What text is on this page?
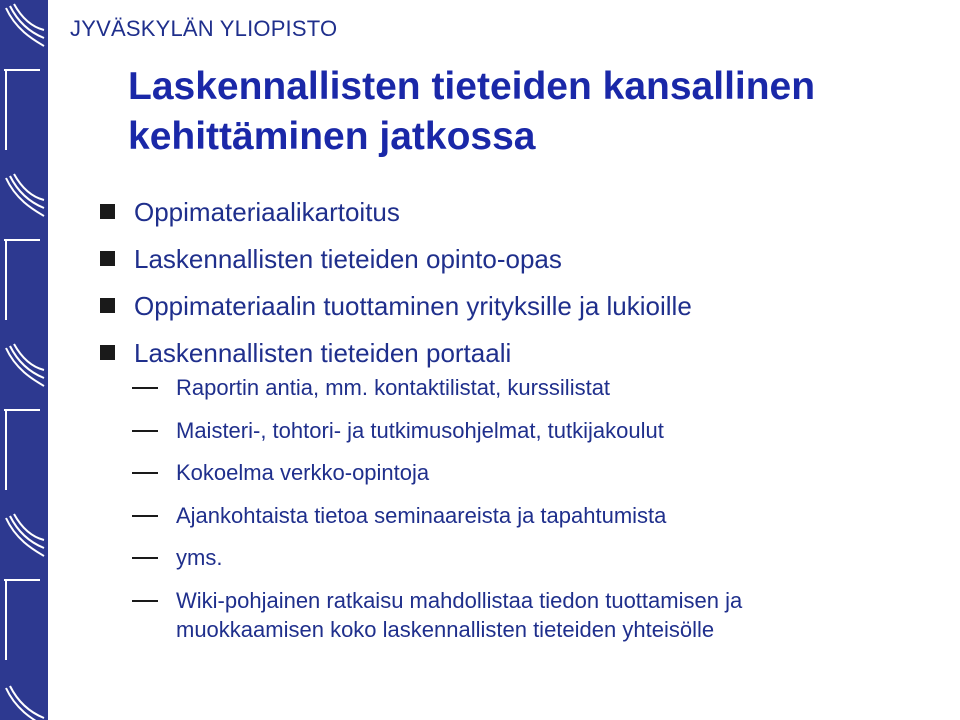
JYVÄSKYLÄN YLIOPISTO
Laskennallisten tieteiden kansallinen kehittäminen jatkossa
Oppimateriaalikartoitus
Laskennallisten tieteiden opinto-opas
Oppimateriaalin tuottaminen yrityksille ja lukioille
Laskennallisten tieteiden portaali
Raportin antia, mm. kontaktilistat, kurssilistat
Maisteri-, tohtori- ja tutkimusohjelmat, tutkijakoulut
Kokoelma verkko-opintoja
Ajankohtaista tietoa seminaareista ja tapahtumista
yms.
Wiki-pohjainen ratkaisu mahdollistaa tiedon tuottamisen ja muokkaamisen koko laskennallisten tieteiden yhteisölle
